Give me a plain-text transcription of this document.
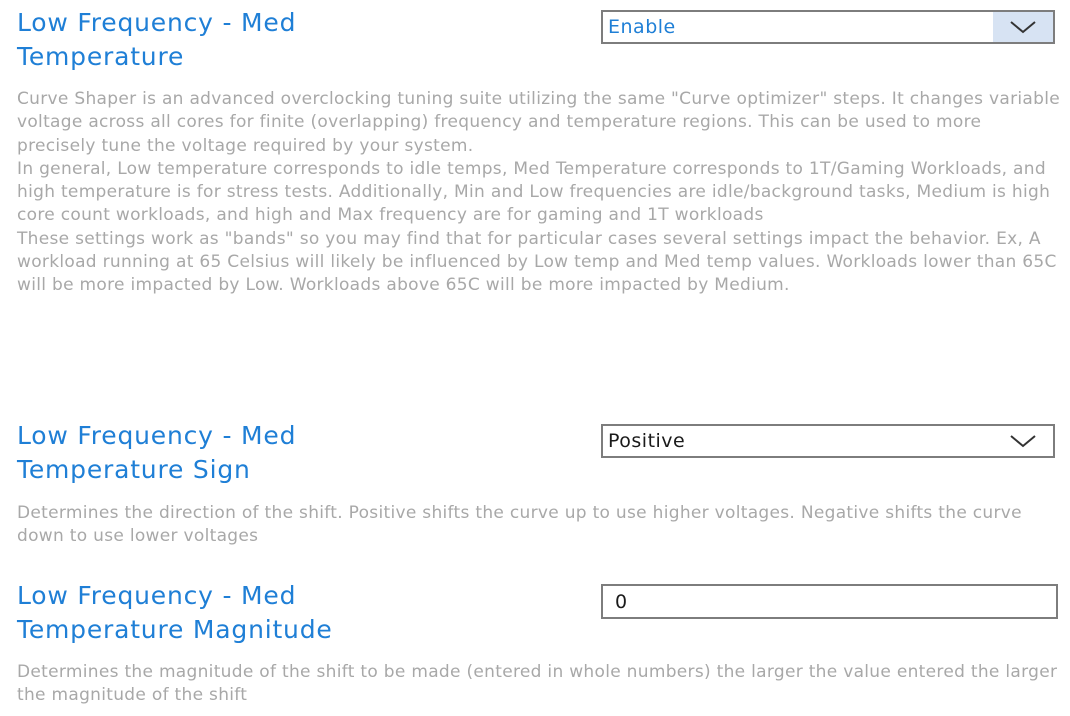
Low Frequency - Med
Temperature
Enable

Curve Shaper is an advanced overclocking tuning suite utilizing the same "Curve optimizer" steps. It changes variable voltage across all cores for finite (overlapping) frequency and temperature regions. This can be used to more precisely tune the voltage required by your system.

In general, Low temperature corresponds to idle temps, Med Temperature corresponds to 1T/Gaming Workloads, and high temperature is for stress tests. Additionally, Min and Low frequencies are idle/background tasks, Medium is high core count workloads, and high and Max frequency are for gaming and 1T workloads

These settings work as "bands" so you may find that for particular cases several settings impact the behavior. Ex, A workload running at 65 Celsius will likely be influenced by Low temp and Med temp values. Workloads lower than 65C will be more impacted by Low. Workloads above 65C will be more impacted by Medium.

Low Frequency - Med
Temperature Sign
Positive

Determines the direction of the shift. Positive shifts the curve up to use higher voltages. Negative shifts the curve down to use lower voltages

Low Frequency - Med
Temperature Magnitude
0

Determines the magnitude of the shift to be made (entered in whole numbers) the larger the value entered the larger the magnitude of the shift
